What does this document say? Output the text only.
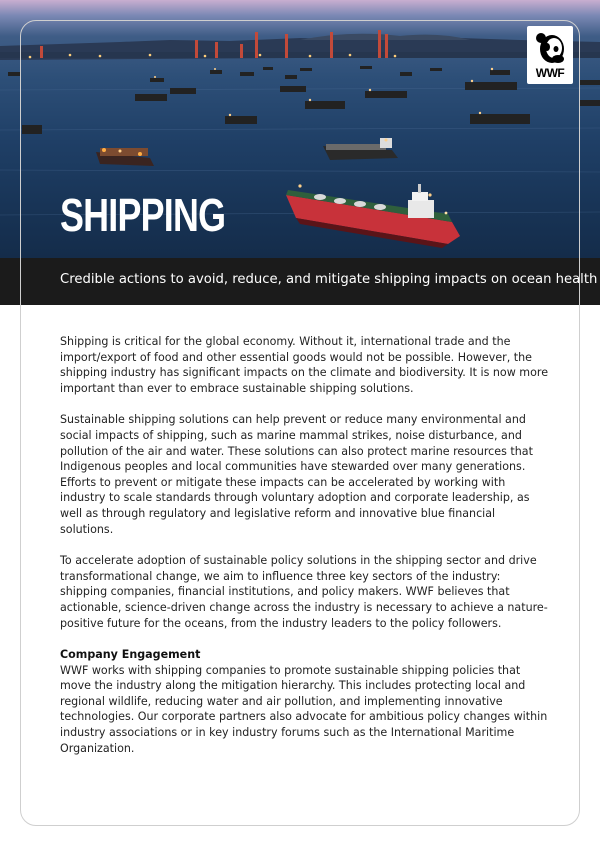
SHIPPING
WWF
Credible actions to avoid, reduce, and mitigate shipping impacts on ocean health

Shipping is critical for the global economy. Without it, international trade and the import/export of food and other essential goods would not be possible. However, the shipping industry has significant impacts on the climate and biodiversity. It is now more important than ever to embrace sustainable shipping solutions.

Sustainable shipping solutions can help prevent or reduce many environmental and social impacts of shipping, such as marine mammal strikes, noise disturbance, and pollution of the air and water. These solutions can also protect marine resources that Indigenous peoples and local communities have stewarded over many generations. Efforts to prevent or mitigate these impacts can be accelerated by working with industry to scale standards through voluntary adoption and corporate leadership, as well as through regulatory and legislative reform and innovative blue financial solutions.

To accelerate adoption of sustainable policy solutions in the shipping sector and drive transformational change, we aim to influence three key sectors of the industry: shipping companies, financial institutions, and policy makers. WWF believes that actionable, science-driven change across the industry is necessary to achieve a nature-positive future for the oceans, from the industry leaders to the policy followers.

Company Engagement

WWF works with shipping companies to promote sustainable shipping policies that move the industry along the mitigation hierarchy. This includes protecting local and regional wildlife, reducing water and air pollution, and implementing innovative technologies. Our corporate partners also advocate for ambitious policy changes within industry associations or in key industry forums such as the International Maritime Organization.
